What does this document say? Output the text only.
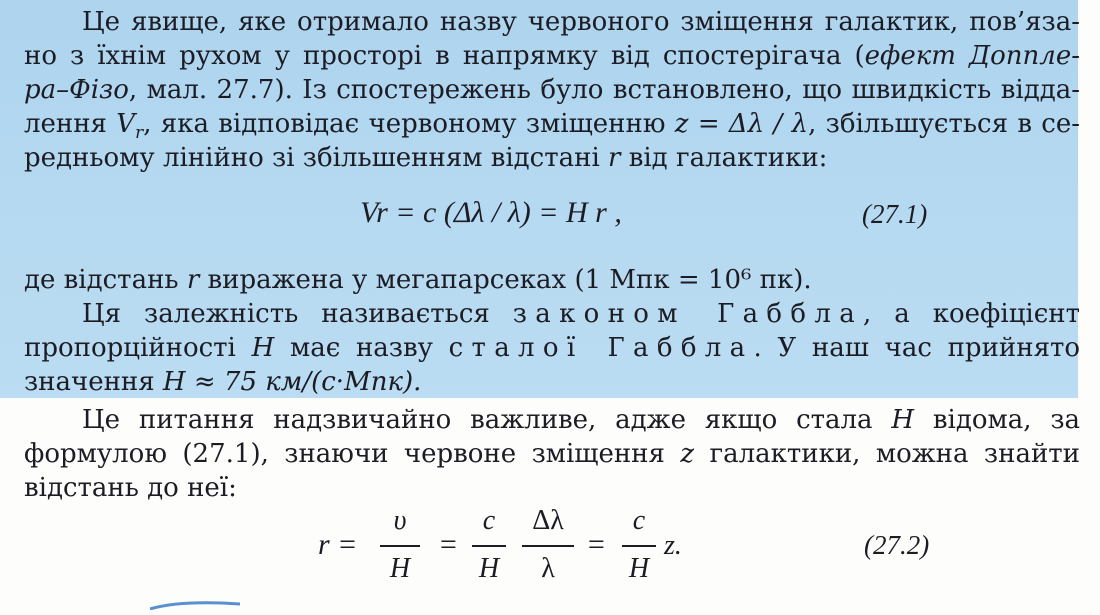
Це явище, яке отримало назву червоного зміщення галактик, пов’яза-
но з їхнім рухом у просторі в напрямку від спостерігача (ефект Допплe-
ра–Фізо, мал. 27.7). Із спостережень було встановлено, що швидкість відда-
лення $V_r$, яка відповідає червоному зміщенню z = Δλ / λ, збільшується в се-
редньому лінійно зі збільшенням відстані r від галактики:
Vr = c (Δλ / λ) = H r ,	(27.1)
де відстань r виражена у мегапарсеках (1 Мпк = 10⁶ пк).
Ця залежність називається законом Габбла, а коефіцієнт
пропорційності H має назву сталої Габбла. У наш час прийнято
значення H ≈ 75 км/(с·Мпк).
Це питання надзвичайно важливе, адже якщо стала H відома, за
формулою (27.1), знаючи червоне зміщення z галактики, можна знайти
відстань до неї:
r =
υ
H
=
c
H
Δλ
λ
=
c
H
z.	(27.2)
